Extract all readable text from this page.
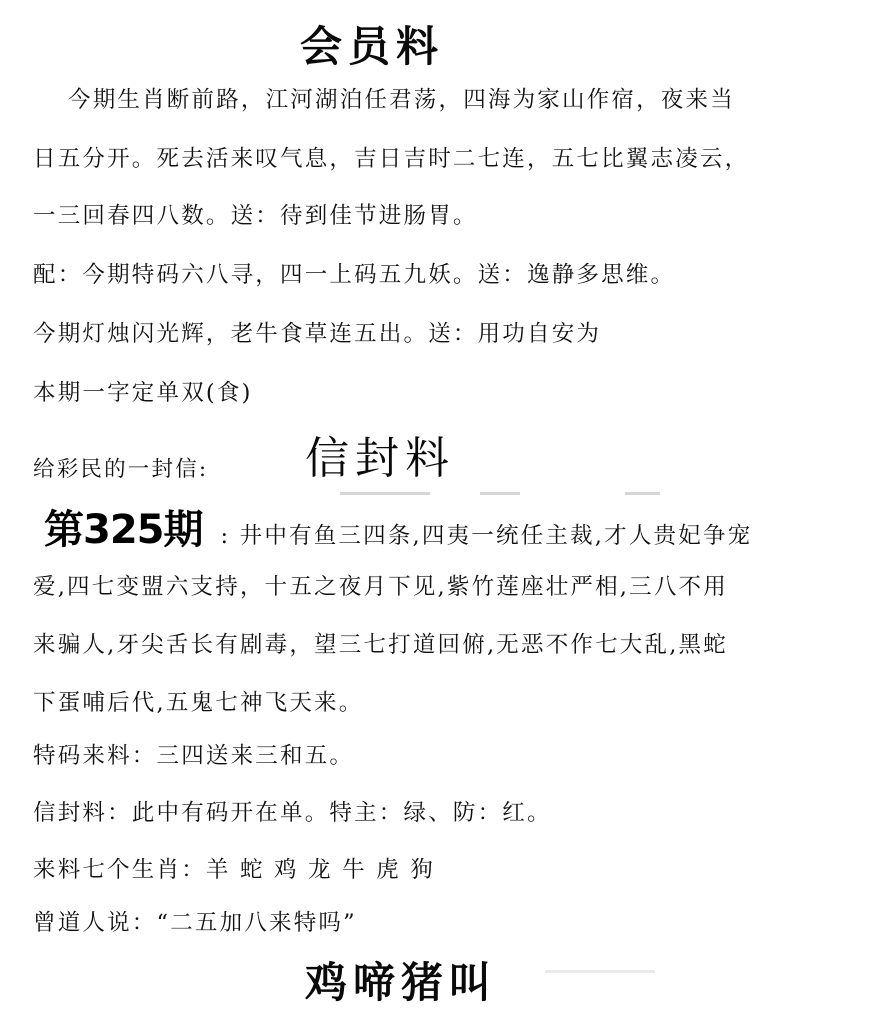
会员料
今期生肖断前路，江河湖泊任君荡，四海为家山作宿，夜来当
日五分开。死去活来叹气息，吉日吉时二七连，五七比翼志凌云，
一三回春四八数。送：待到佳节进肠胃。
配：今期特码六八寻，四一上码五九妖。送：逸静多思维。
今期灯烛闪光辉，老牛食草连五出。送：用功自安为
本期一字定单双(食)
信封料
给彩民的一封信:
第325期 : 井中有鱼三四条,四夷一统任主裁,才人贵妃争宠
爱,四七变盟六支持，十五之夜月下见,紫竹莲座壮严相,三八不用
来骗人,牙尖舌长有剧毒，望三七打道回俯,无恶不作七大乱,黑蛇
下蛋哺后代,五鬼七神飞天来。
特码来料：三四送来三和五。
信封料：此中有码开在单。特主：绿、防：红。
来料七个生肖：羊 蛇 鸡 龙 牛 虎 狗
曾道人说：“二五加八来特吗”
鸡啼猪叫
